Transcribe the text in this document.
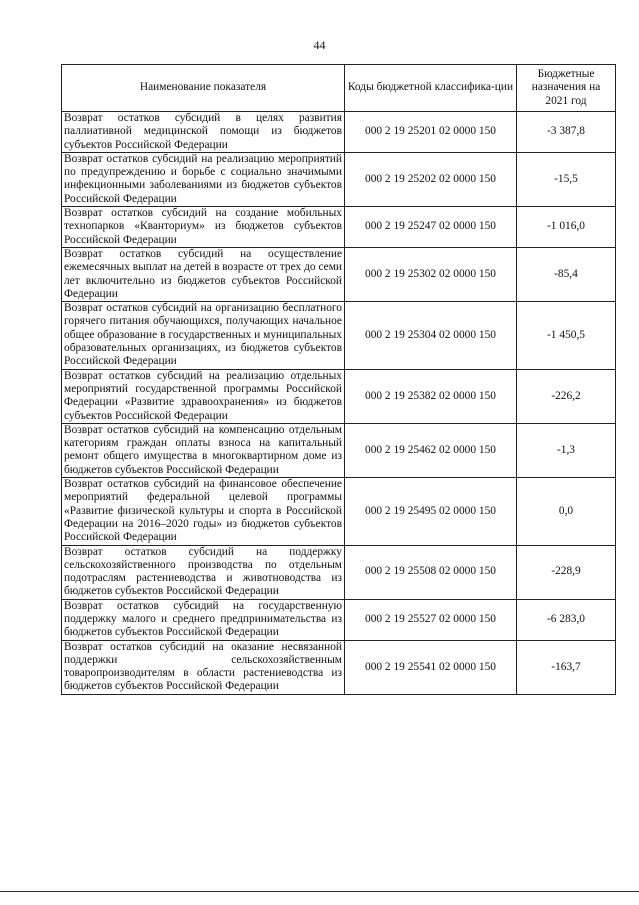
44
Наименование показателя	Коды бюджетной классифика-ции	Бюджетные назначения на 2021 год
Возврат остатков субсидий в целях развития паллиативной медицинской помощи из бюджетов субъектов Российской Федерации	000 2 19 25201 02 0000 150	-3 387,8
Возврат остатков субсидий на реализацию мероприятий по предупреждению и борьбе с социально значимыми инфекционными заболеваниями из бюджетов субъектов Российской Федерации	000 2 19 25202 02 0000 150	-15,5
Возврат остатков субсидий на создание мобильных технопарков «Кванториум» из бюджетов субъектов Российской Федерации	000 2 19 25247 02 0000 150	-1 016,0
Возврат остатков субсидий на осуществление ежемесячных выплат на детей в возрасте от трех до семи лет включительно из бюджетов субъектов Российской Федерации	000 2 19 25302 02 0000 150	-85,4
Возврат остатков субсидий на организацию бесплатного горячего питания обучающихся, получающих начальное общее образование в государственных и муниципальных образовательных организациях, из бюджетов субъектов Российской Федерации	000 2 19 25304 02 0000 150	-1 450,5
Возврат остатков субсидий на реализацию отдельных мероприятий государственной программы Российской Федерации «Развитие здравоохранения» из бюджетов субъектов Российской Федерации	000 2 19 25382 02 0000 150	-226,2
Возврат остатков субсидий на компенсацию отдельным категориям граждан оплаты взноса на капитальный ремонт общего имущества в многоквартирном доме из бюджетов субъектов Российской Федерации	000 2 19 25462 02 0000 150	-1,3
Возврат остатков субсидий на финансовое обеспечение мероприятий федеральной целевой программы «Развитие физической культуры и спорта в Российской Федерации на 2016–2020 годы» из бюджетов субъектов Российской Федерации	000 2 19 25495 02 0000 150	0,0
Возврат остатков субсидий на поддержку сельскохозяйственного производства по отдельным подотраслям растениеводства и животноводства из бюджетов субъектов Российской Федерации	000 2 19 25508 02 0000 150	-228,9
Возврат остатков субсидий на государственную поддержку малого и среднего предпринимательства из бюджетов субъектов Российской Федерации	000 2 19 25527 02 0000 150	-6 283,0
Возврат остатков субсидий на оказание несвязанной поддержки сельскохозяйственным товаропроизводителям в области растениеводства из бюджетов субъектов Российской Федерации	000 2 19 25541 02 0000 150	-163,7
